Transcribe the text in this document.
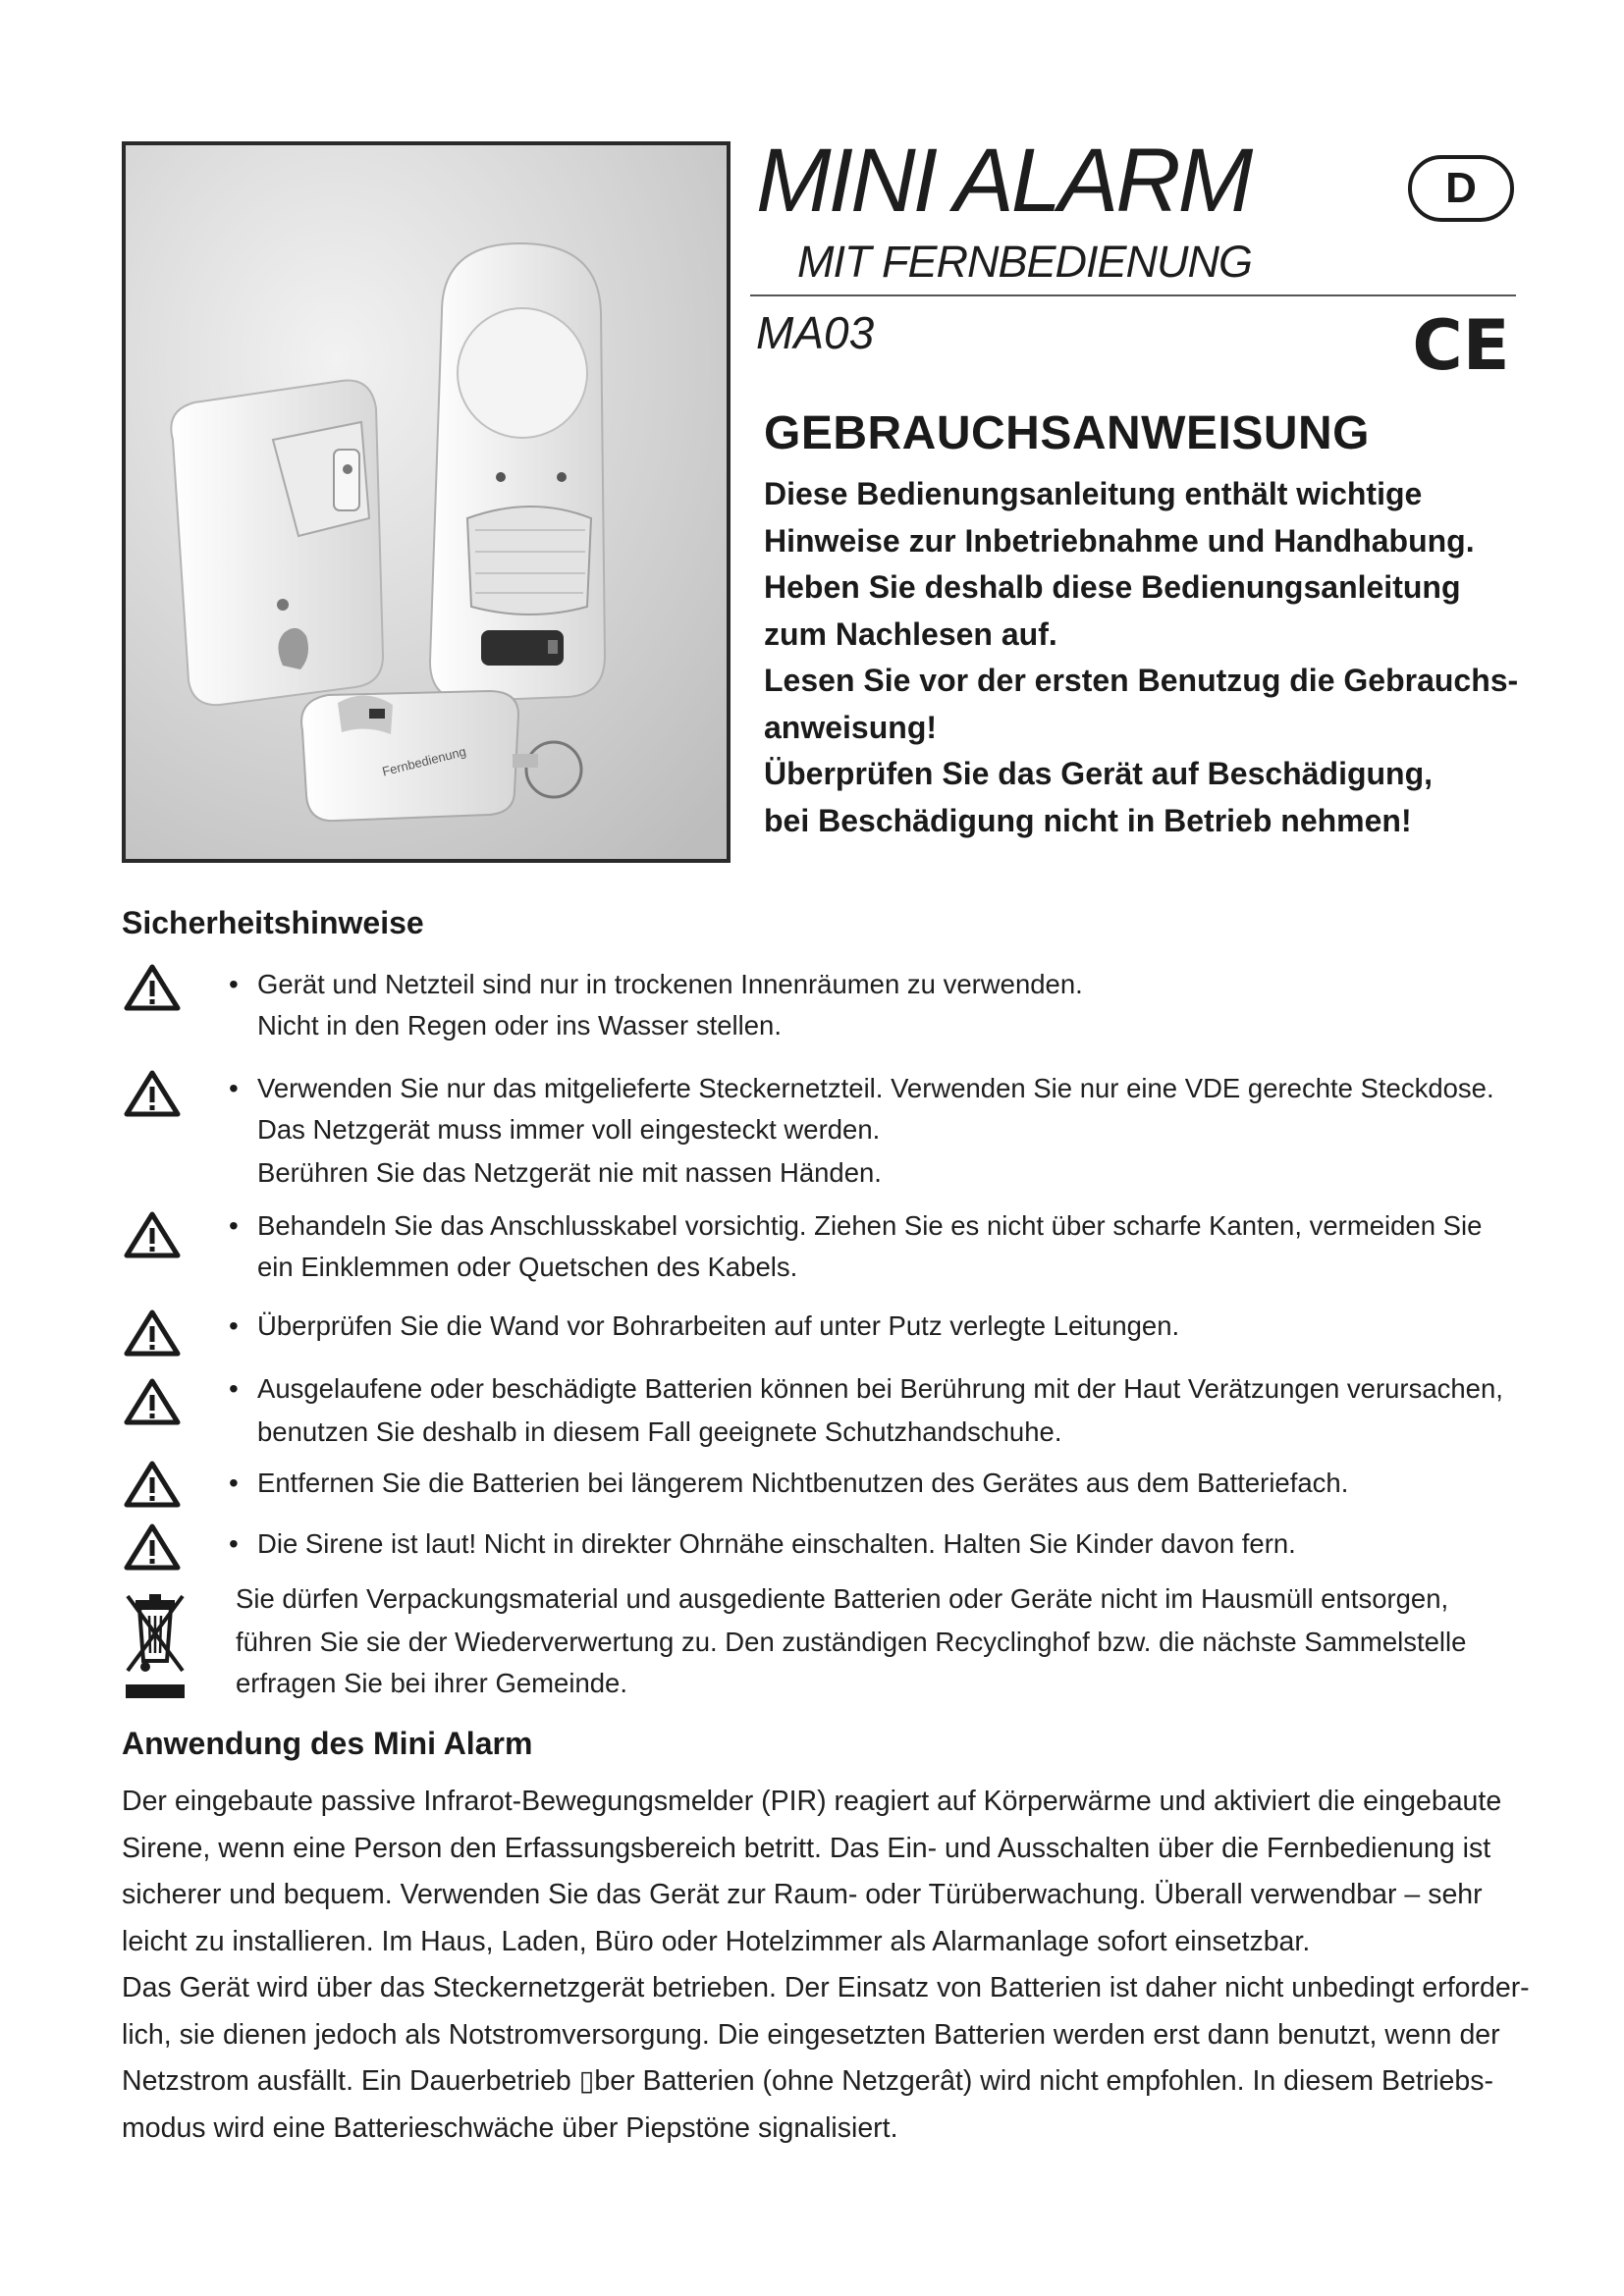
Fernbedienung
MINI ALARM
MIT FERNBEDIENUNG
MA03
D
CE
GEBRAUCHSANWEISUNG
Diese Bedienungsanleitung enthält wichtige
Hinweise zur Inbetriebnahme und Handhabung.
Heben Sie deshalb diese Bedienungsanleitung
zum Nachlesen auf.
Lesen Sie vor der ersten Benutzug die Gebrauchs-
anweisung!
Überprüfen Sie das Gerät auf Beschädigung,
bei Beschädigung nicht in Betrieb nehmen!
Sicherheitshinweise
• Gerät und Netzteil sind nur in trockenen Innenräumen zu verwenden.
Nicht in den Regen oder ins Wasser stellen.
• Verwenden Sie nur das mitgelieferte Steckernetzteil. Verwenden Sie nur eine VDE gerechte Steckdose.
Das Netzgerät muss immer voll eingesteckt werden.
Berühren Sie das Netzgerät nie mit nassen Händen.
• Behandeln Sie das Anschlusskabel vorsichtig. Ziehen Sie es nicht über scharfe Kanten, vermeiden Sie
ein Einklemmen oder Quetschen des Kabels.
• Überprüfen Sie die Wand vor Bohrarbeiten auf unter Putz verlegte Leitungen.
• Ausgelaufene oder beschädigte Batterien können bei Berührung mit der Haut Verätzungen verursachen,
benutzen Sie deshalb in diesem Fall geeignete Schutzhandschuhe.
• Entfernen Sie die Batterien bei längerem Nichtbenutzen des Gerätes aus dem Batteriefach.
• Die Sirene ist laut! Nicht in direkter Ohrnähe einschalten. Halten Sie Kinder davon fern.
Sie dürfen Verpackungsmaterial und ausgediente Batterien oder Geräte nicht im Hausmüll entsorgen,
führen Sie sie der Wiederverwertung zu. Den zuständigen Recyclinghof bzw. die nächste Sammelstelle
erfragen Sie bei ihrer Gemeinde.
Anwendung des Mini Alarm
Der eingebaute passive Infrarot-Bewegungsmelder (PIR) reagiert auf Körperwärme und aktiviert die eingebaute
Sirene, wenn eine Person den Erfassungsbereich betritt. Das Ein- und Ausschalten über die Fernbedienung ist
sicherer und bequem. Verwenden Sie das Gerät zur Raum- oder Türüberwachung. Überall verwendbar – sehr
leicht zu installieren. Im Haus, Laden, Büro oder Hotelzimmer als Alarmanlage sofort einsetzbar.
Das Gerät wird über das Steckernetzgerät betrieben. Der Einsatz von Batterien ist daher nicht unbedingt erforder-
lich, sie dienen jedoch als Notstromversorgung. Die eingesetzten Batterien werden erst dann benutzt, wenn der
Netzstrom ausfällt. Ein Dauerbetrieb ▯ber Batterien (ohne Netzgerât) wird nicht empfohlen. In diesem Betriebs-
modus wird eine Batterieschwäche über Piepstöne signalisiert.
